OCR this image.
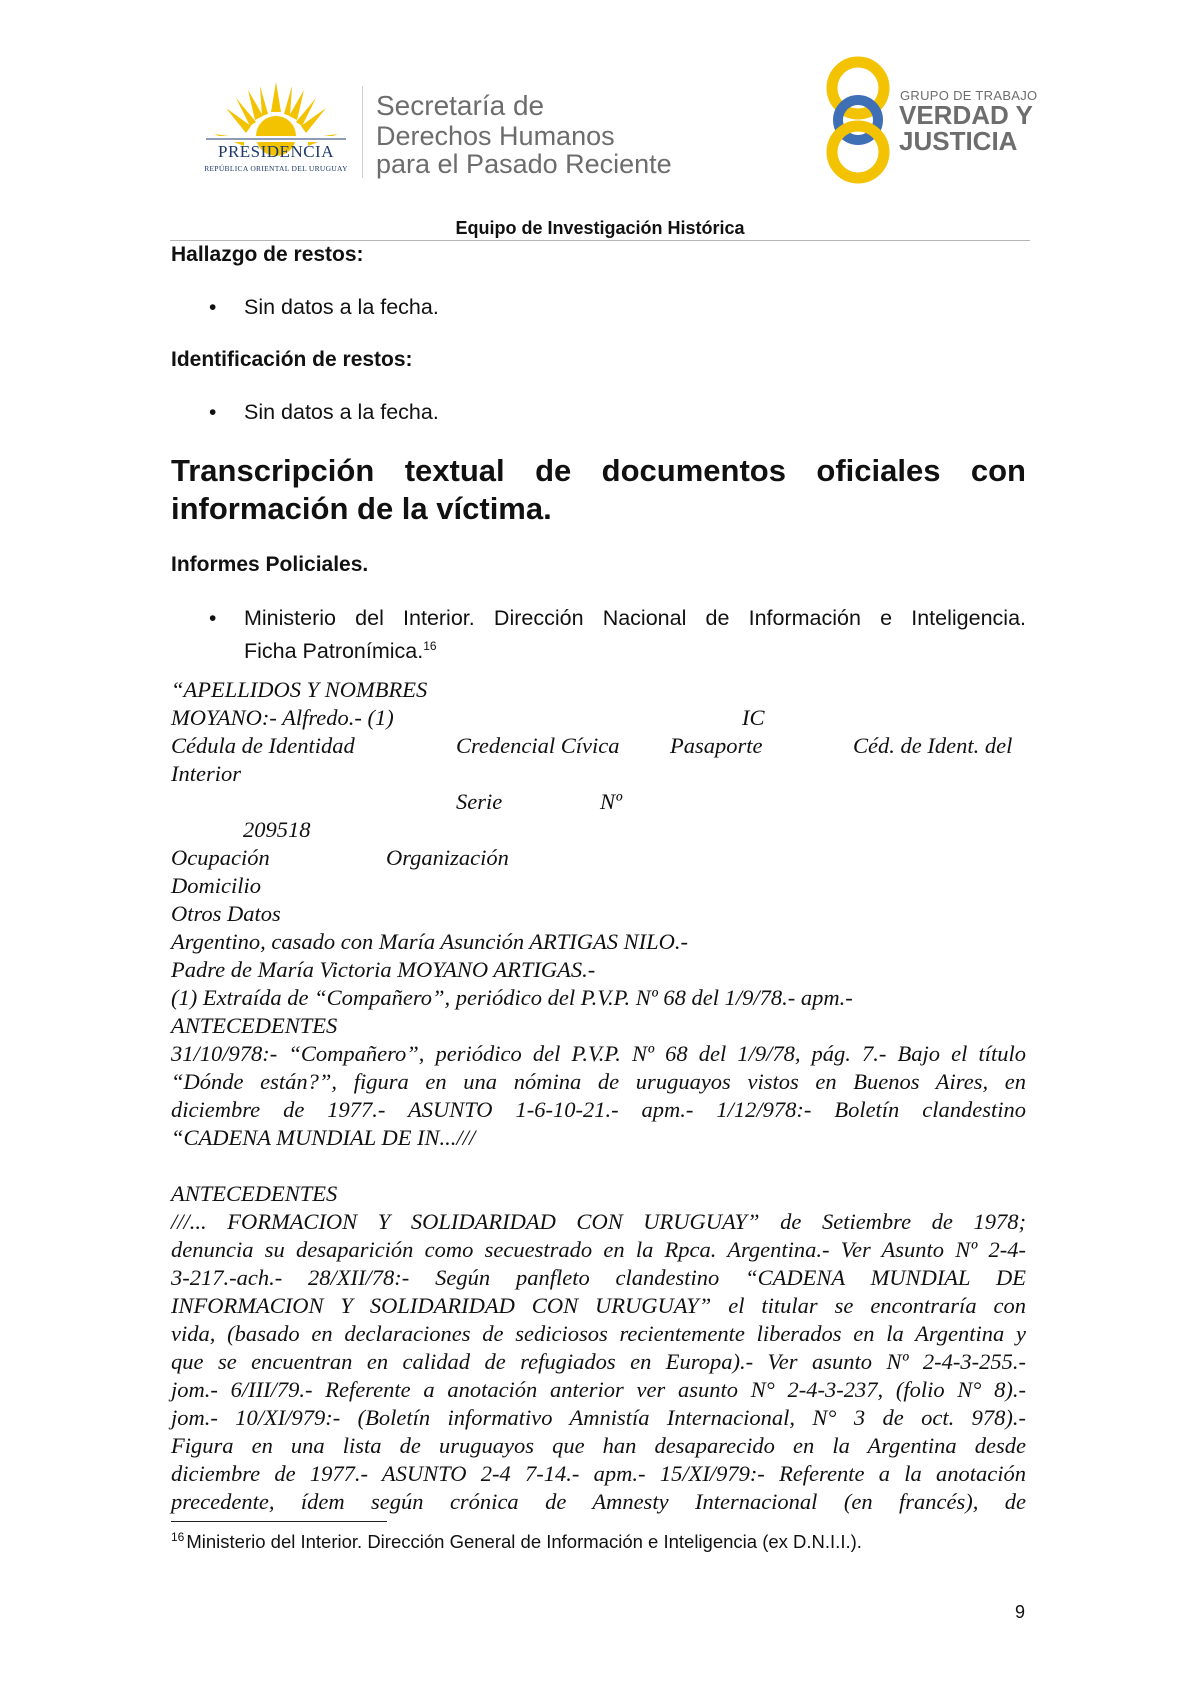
PRESIDENCIA
REPÚBLICA ORIENTAL DEL URUGUAY
Secretaría de
Derechos Humanos
para el Pasado Reciente
GRUPO DE TRABAJO
VERDAD Y
JUSTICIA
Equipo de Investigación Histórica
Hallazgo de restos:
• Sin datos a la fecha.
Identificación de restos:
• Sin datos a la fecha.
Transcripción textual de documentos oficiales con
información de la víctima.
Informes Policiales.
• Ministerio del Interior. Dirección Nacional de Información e Inteligencia.
Ficha Patronímica.$^{16}$
“APELLIDOS Y NOMBRES
MOYANO:- Alfredo.- (1)	IC
Cédula de Identidad	Credencial Cívica Pasaporte	Céd. de Ident. del
Interior
Serie	Nº
209518
Ocupación	Organización
Domicilio
Otros Datos
Argentino, casado con María Asunción ARTIGAS NILO.-
Padre de María Victoria MOYANO ARTIGAS.-
(1) Extraída de “Compañero”, periódico del P.V.P. Nº 68 del 1/9/78.- apm.-
ANTECEDENTES
31/10/978:- “Compañero”, periódico del P.V.P. Nº 68 del 1/9/78, pág. 7.- Bajo el título
“Dónde están?”, figura en una nómina de uruguayos vistos en Buenos Aires, en
diciembre de 1977.- ASUNTO 1-6-10-21.- apm.- 1/12/978:- Boletín clandestino
“CADENA MUNDIAL DE IN...///
ANTECEDENTES
///... FORMACION Y SOLIDARIDAD CON URUGUAY” de Setiembre de 1978;
denuncia su desaparición como secuestrado en la Rpca. Argentina.- Ver Asunto Nº 2-4-
3-217.-ach.- 28/XII/78:- Según panfleto clandestino “CADENA MUNDIAL DE
INFORMACION Y SOLIDARIDAD CON URUGUAY” el titular se encontraría con
vida, (basado en declaraciones de sediciosos recientemente liberados en la Argentina y
que se encuentran en calidad de refugiados en Europa).- Ver asunto Nº 2-4-3-255.-
jom.- 6/III/79.- Referente a anotación anterior ver asunto N° 2-4-3-237, (folio N° 8).-
jom.- 10/XI/979:- (Boletín informativo Amnistía Internacional, N° 3 de oct. 978).-
Figura en una lista de uruguayos que han desaparecido en la Argentina desde
diciembre de 1977.- ASUNTO 2-4 7-14.- apm.- 15/XI/979:- Referente a la anotación
precedente, ídem según crónica de Amnesty Internacional (en francés), de
$^{16}$ Ministerio del Interior. Dirección General de Información e Inteligencia (ex D.N.I.I.).
9
